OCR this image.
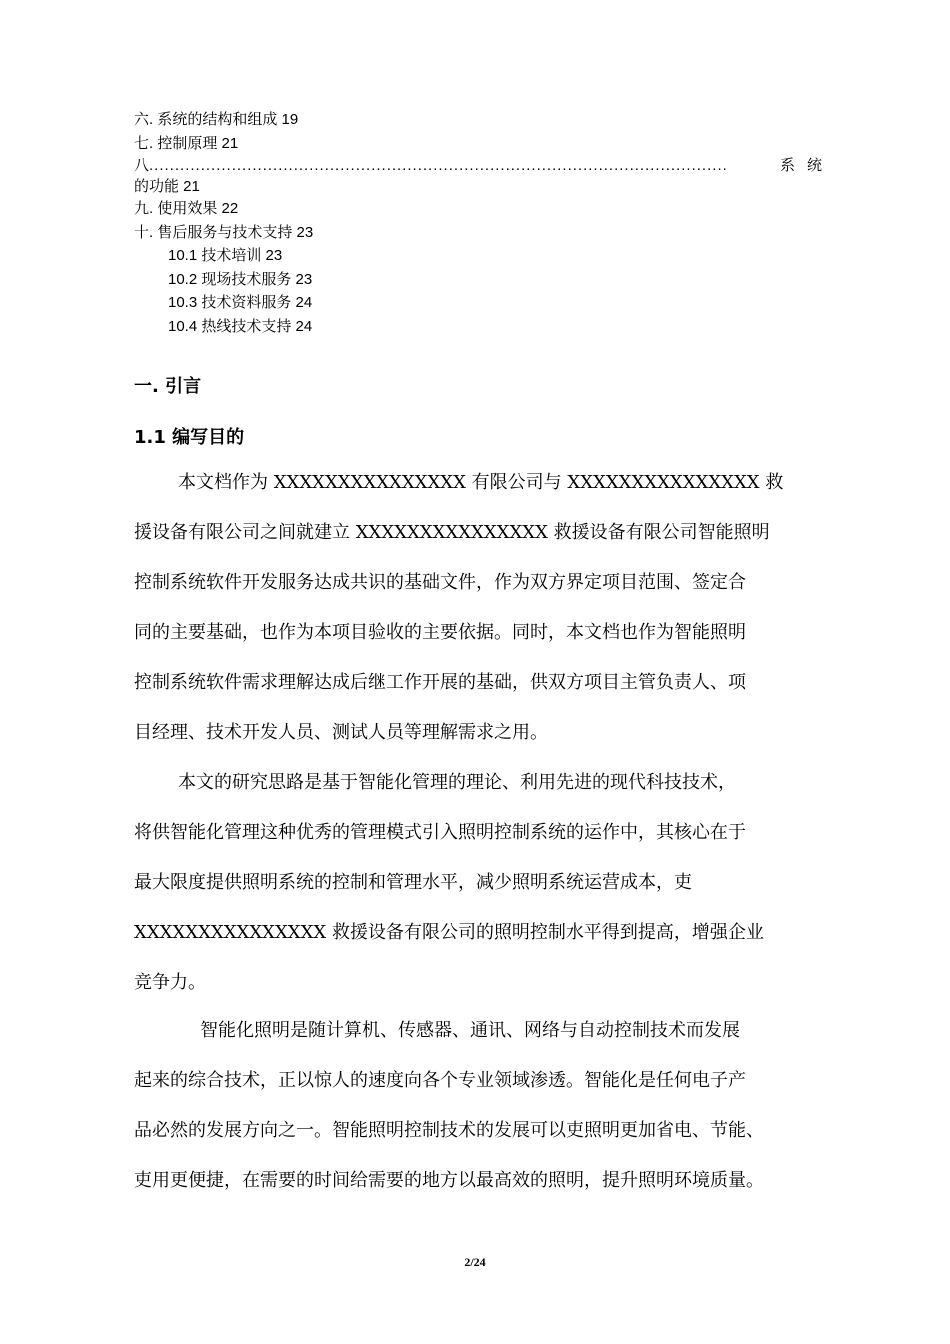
六. 系统的结构和组成 19
七. 控制原理 21
八 ................................................................................................................	系统
的功能 21
九. 使用效果 22
十. 售后服务与技术支持 23
10.1 技术培训 23
10.2 现场技术服务 23
10.3 技术资料服务 24
10.4 热线技术支持 24
一. 引言
1.1 编写目的
本文档作为 XXXXXXXXXXXXXXX 有限公司与 XXXXXXXXXXXXXXX 救
援设备有限公司之间就建立 XXXXXXXXXXXXXXX 救援设备有限公司智能照明
控制系统软件开发服务达成共识的基础文件，作为双方界定项目范围、签定合
同的主要基础，也作为本项目验收的主要依据。同时，本文档也作为智能照明
控制系统软件需求理解达成后继工作开展的基础，供双方项目主管负责人、项
目经理、技术开发人员、测试人员等理解需求之用。
本文的研究思路是基于智能化管理的理论、利用先进的现代科技技术，
将供智能化管理这种优秀的管理模式引入照明控制系统的运作中，其核心在于
最大限度提供照明系统的控制和管理水平，减少照明系统运营成本，吏
XXXXXXXXXXXXXXX 救援设备有限公司的照明控制水平得到提高，增强企业
竞争力。
智能化照明是随计算机、传感器、通讯、网络与自动控制技术而发展
起来的综合技术，正以惊人的速度向各个专业领域渗透。智能化是任何电子产
品必然的发展方向之一。智能照明控制技术的发展可以吏照明更加省电、节能、
吏用更便捷，在需要的时间给需要的地方以最高效的照明，提升照明环境质量。
2/24
